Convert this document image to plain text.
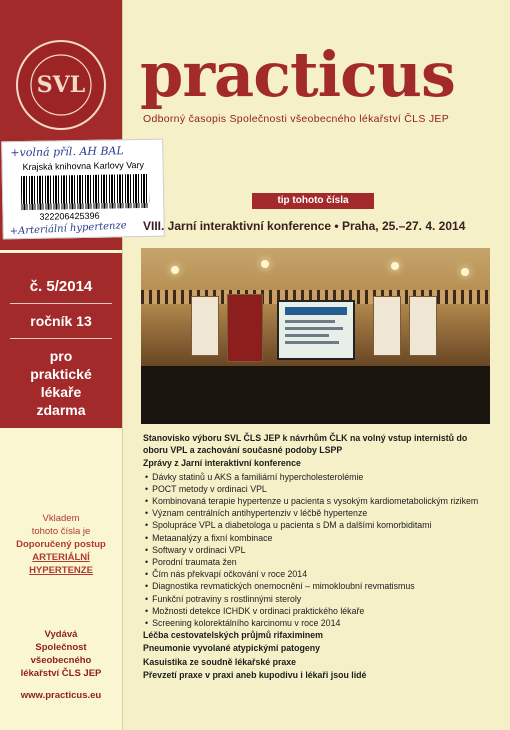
SVL
+volná příl. AH BAL
Krajská knihovna Karlovy Vary
322206425396
+Arteriální hypertenze
č. 5/2014
ročník 13
pro
praktické
lékaře
zdarma
Vkladem
tohoto čísla je
Doporučený postup
ARTERIÁLNÍ
HYPERTENZE
Vydává
Společnost
všeobecného
lékařství ČLS JEP
www.practicus.eu
practicus
Odborný časopis Společnosti všeobecného lékařství ČLS JEP
tip tohoto čísla
VIII. Jarní interaktivní konference • Praha, 25.–27. 4. 2014
Stanovisko výboru SVL ČLS JEP k návrhům ČLK na volný vstup internistů do oboru VPL a zachování současné podoby LSPP
Zprávy z Jarní interaktivní konference
• Dávky statinů u AKS a familiární hypercholesterolémie
• POCT metody v ordinaci VPL
• Kombinovaná terapie hypertenze u pacienta s vysokým kardiometabolickým rizikem
• Význam centrálních antihypertenziv v léčbě hypertenze
• Spolupráce VPL a diabetologa u pacienta s DM a dalšími komorbiditami
• Metaanalýzy a fixní kombinace
• Softwary v ordinaci VPL
• Porodní traumata žen
• Čím nás překvapí očkování v roce 2014
• Diagnostika revmatických onemocnění – mimokloubní revmatismus
• Funkční potraviny s rostlinnými steroly
• Možnosti detekce ICHDK v ordinaci praktického lékaře
• Screening kolorektálního karcinomu v roce 2014
Léčba cestovatelských průjmů rifaximinem
Pneumonie vyvolané atypickými patogeny
Kasuistika ze soudně lékařské praxe
Převzetí praxe v praxi aneb kupodivu i lékaři jsou lidé
